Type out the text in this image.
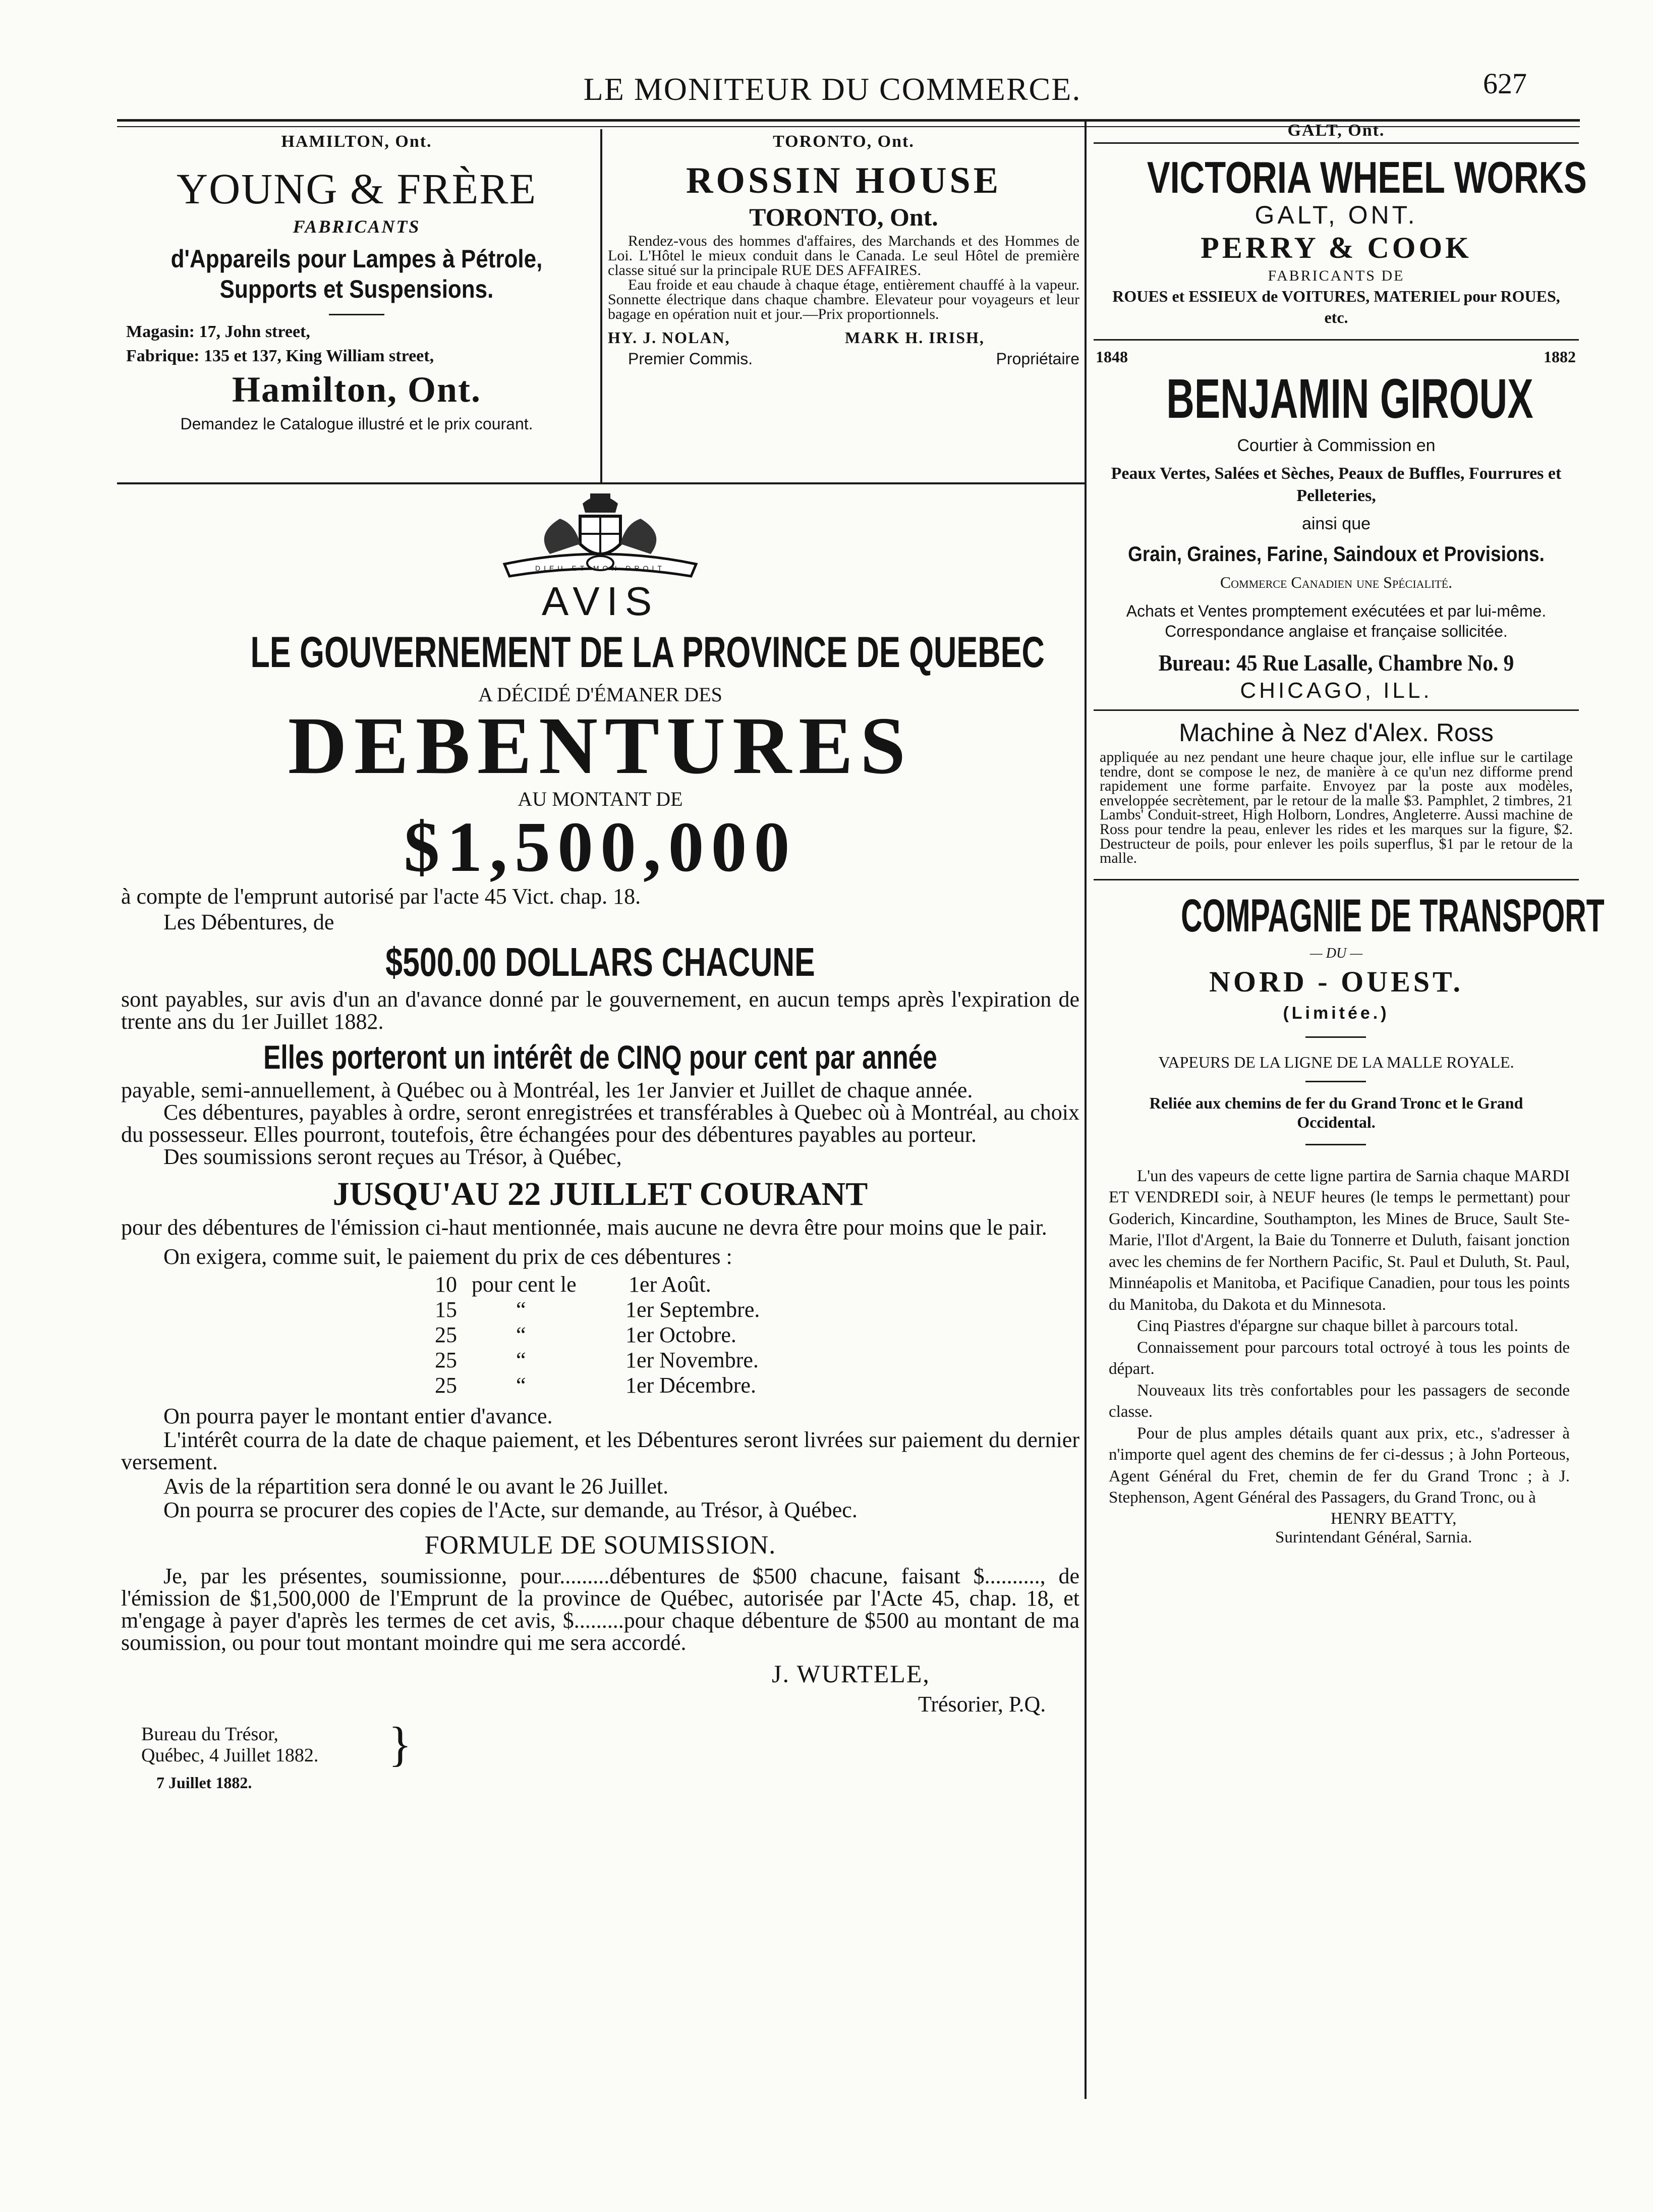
LE MONITEUR DU COMMERCE.	627
HAMILTON, Ont.
YOUNG & FRÈRE
FABRICANTS
d'Appareils pour Lampes à Pétrole,
Supports et Suspensions.
Magasin: 17, John street,
Fabrique: 135 et 137, King William street,
Hamilton, Ont.
Demandez le Catalogue illustré et le prix courant.
TORONTO, Ont.
ROSSIN HOUSE
TORONTO, Ont.

Rendez-vous des hommes d'affaires, des Marchands et des Hommes de Loi. L'Hôtel le mieux conduit dans le Canada. Le seul Hôtel de première classe situé sur la principale RUE DES AFFAIRES.

Eau froide et eau chaude à chaque étage, entièrement chauffé à la vapeur. Sonnette électrique dans chaque chambre. Elevateur pour voyageurs et leur bagage en opération nuit et jour.—Prix proportionnels.

HY. J. NOLAN,	MARK H. IRISH,
Premier Commis.	Propriétaire
GALT, Ont.
VICTORIA WHEEL WORKS
GALT, ONT.
PERRY & COOK
FABRICANTS DE
ROUES et ESSIEUX de VOITURES, MATERIEL pour ROUES, etc.
1848	1882
BENJAMIN GIROUX
Courtier à Commission en
Peaux Vertes, Salées et Sèches, Peaux de Buffles, Fourrures et Pelleteries,
ainsi que
Grain, Graines, Farine, Saindoux et Provisions.
Commerce Canadien une Spécialité.
Achats et Ventes promptement exécutées et par lui-même. Correspondance anglaise et française sollicitée.
Bureau: 45 Rue Lasalle, Chambre No. 9
CHICAGO, ILL.
Machine à Nez d'Alex. Ross

appliquée au nez pendant une heure chaque jour, elle influe sur le cartilage tendre, dont se compose le nez, de manière à ce qu'un nez difforme prend rapidement une forme parfaite. Envoyez par la poste aux modèles, enveloppée secrètement, par le retour de la malle $3. Pamphlet, 2 timbres, 21 Lambs' Conduit-street, High Holborn, Londres, Angleterre. Aussi machine de Ross pour tendre la peau, enlever les rides et les marques sur la figure, $2. Destructeur de poils, pour enlever les poils superflus, $1 par le retour de la malle.

COMPAGNIE DE TRANSPORT
— DU —
NORD - OUEST.
(Limitée.)
VAPEURS DE LA LIGNE DE LA MALLE ROYALE.
Reliée aux chemins de fer du Grand Tronc et le Grand Occidental.

L'un des vapeurs de cette ligne partira de Sarnia chaque MARDI ET VENDREDI soir, à NEUF heures (le temps le permettant) pour Goderich, Kincardine, Southampton, les Mines de Bruce, Sault Ste-Marie, l'Ilot d'Argent, la Baie du Tonnerre et Duluth, faisant jonction avec les chemins de fer Northern Pacific, St. Paul et Duluth, St. Paul, Minnéapolis et Manitoba, et Pacifique Canadien, pour tous les points du Manitoba, du Dakota et du Minnesota.

Cinq Piastres d'épargne sur chaque billet à parcours total.

Connaissement pour parcours total octroyé à tous les points de départ.

Nouveaux lits très confortables pour les passagers de seconde classe.

Pour de plus amples détails quant aux prix, etc., s'adresser à n'importe quel agent des chemins de fer ci-dessus ; à John Porteous, Agent Général du Fret, chemin de fer du Grand Tronc ; à J. Stephenson, Agent Général des Passagers, du Grand Tronc, ou à

HENRY BEATTY,
Surintendant Général, Sarnia.
DIEU ET MON DROIT
AVIS
LE GOUVERNEMENT DE LA PROVINCE DE QUEBEC
A DÉCIDÉ D'ÉMANER DES
DEBENTURES
AU MONTANT DE
$1,500,000
à compte de l'emprunt autorisé par l'acte 45 Vict. chap. 18.
Les Débentures, de
$500.00 DOLLARS CHACUNE

sont payables, sur avis d'un an d'avance donné par le gouvernement, en aucun temps après l'expiration de trente ans du 1er Juillet 1882.

Elles porteront un intérêt de CINQ pour cent par année

payable, semi-annuellement, à Québec ou à Montréal, les 1er Janvier et Juillet de chaque année.

Ces débentures, payables à ordre, seront enregistrées et transférables à Quebec où à Montréal, au choix du possesseur. Elles pourront, toutefois, être échangées pour des débentures payables au porteur.

Des soumissions seront reçues au Trésor, à Québec,

JUSQU'AU 22 JUILLET COURANT

pour des débentures de l'émission ci-haut mentionnée, mais aucune ne devra être pour moins que le pair.

On exigera, comme suit, le paiement du prix de ces débentures :
10 pour cent le 1er Août.
15	“	1er Septembre.
25	“	1er Octobre.
25	“	1er Novembre.
25	“	1er Décembre.
On pourra payer le montant entier d'avance.

L'intérêt courra de la date de chaque paiement, et les Débentures seront livrées sur paiement du dernier versement.

Avis de la répartition sera donné le ou avant le 26 Juillet.

On pourra se procurer des copies de l'Acte, sur demande, au Trésor, à Québec.

FORMULE DE SOUMISSION.

Je, par les présentes, soumissionne, pour.........débentures de $500 chacune, faisant $.........., de l'émission de $1,500,000 de l'Emprunt de la province de Québec, autorisée par l'Acte 45, chap. 18, et m'engage à payer d'après les termes de cet avis, $.........pour chaque débenture de $500 au montant de ma soumission, ou pour tout montant moindre qui me sera accordé.

J. WURTELE,
Trésorier, P.Q.
Bureau du Trésor,
Québec, 4 Juillet 1882. }
7 Juillet 1882.
